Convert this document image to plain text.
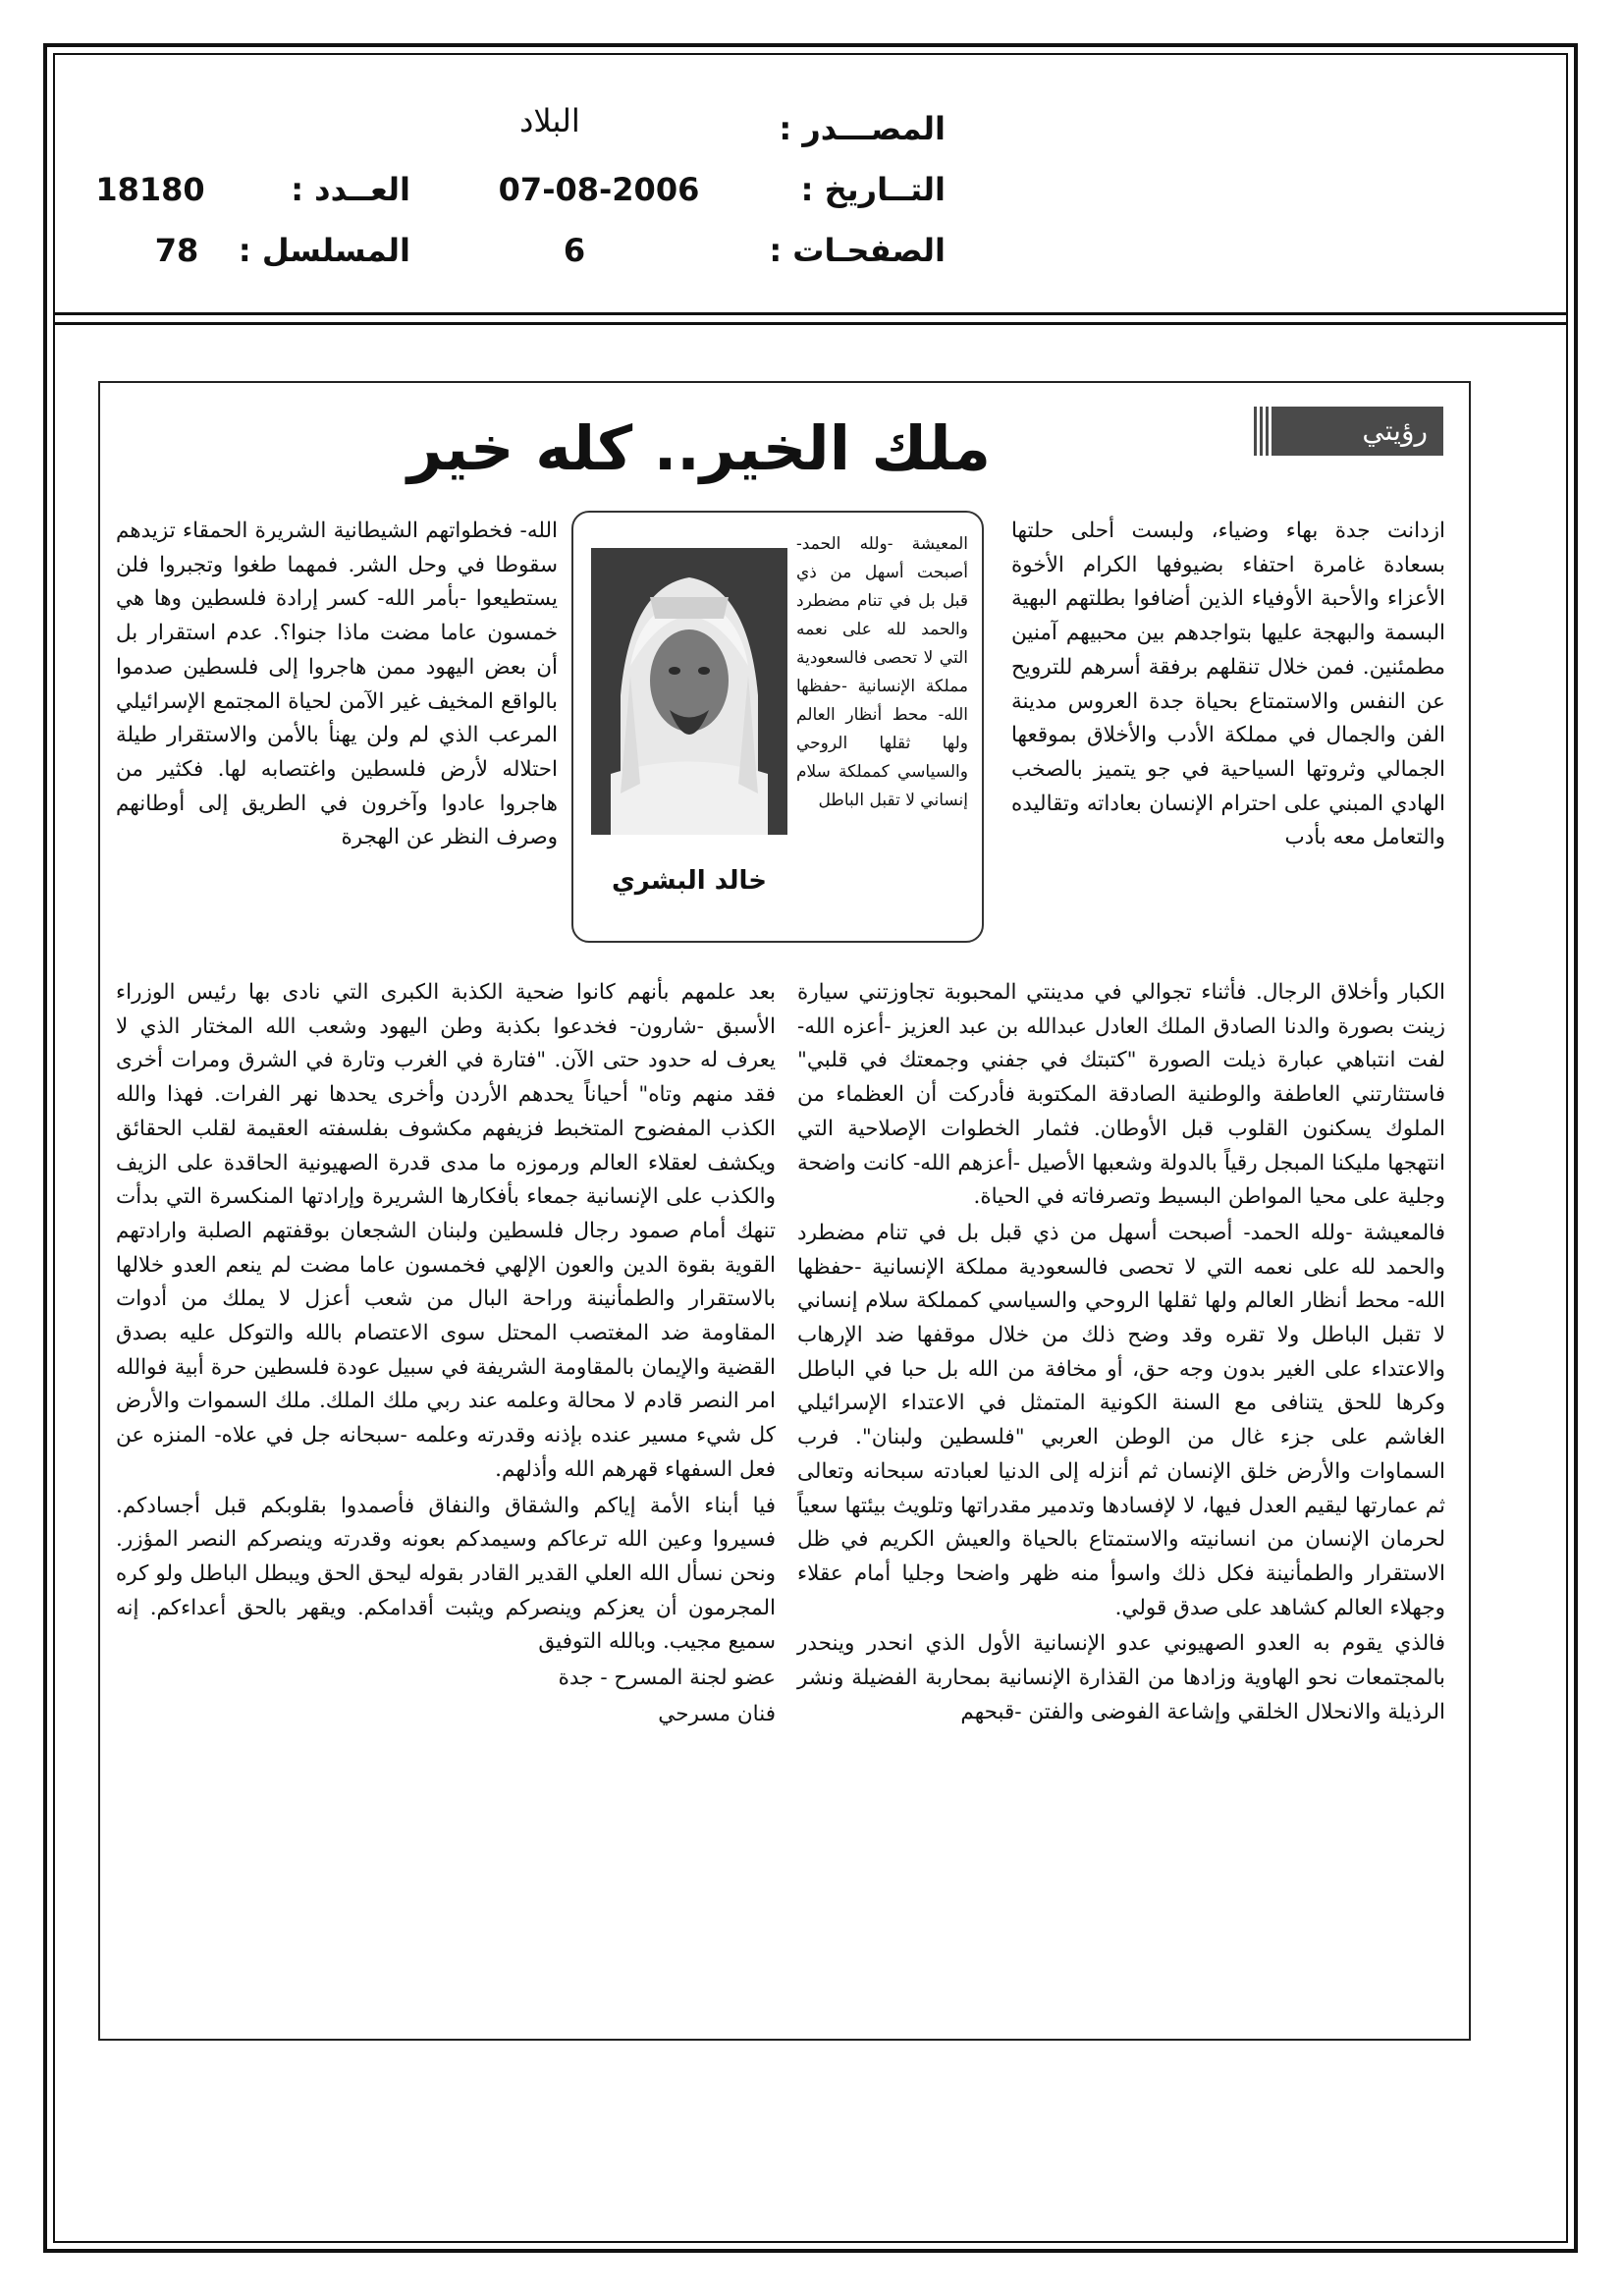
المصـــدر :
البلاد
التــاريخ :
07-08-2006
الصفحـات :
6
العــدد :
18180
المسلسل :
78
رؤيتي
ملك الخير.. كله خير

ازدانت جدة بهاء وضياء، ولبست أحلى حلتها بسعادة غامرة احتفاء بضيوفها الكرام الأخوة الأعزاء والأحبة الأوفياء الذين أضافوا بطلتهم البهية البسمة والبهجة عليها بتواجدهم بين محبيهم آمنين مطمئنين. فمن خلال تنقلهم برفقة أسرهم للترويح عن النفس والاستمتاع بحياة جدة العروس مدينة الفن والجمال في مملكة الأدب والأخلاق بموقعها الجمالي وثروتها السياحية في جو يتميز بالصخب الهادي المبني على احترام الإنسان بعاداته وتقاليده والتعامل معه بأدب

الله- فخطواتهم الشيطانية الشريرة الحمقاء تزيدهم سقوطا في وحل الشر. فمهما طغوا وتجبروا فلن يستطيعوا -بأمر الله- كسر إرادة فلسطين وها هي خمسون عاما مضت ماذا جنوا؟. عدم استقرار بل أن بعض اليهود ممن هاجروا إلى فلسطين صدموا بالواقع المخيف غير الآمن لحياة المجتمع الإسرائيلي المرعب الذي لم ولن يهنأ بالأمن والاستقرار طيلة احتلاله لأرض فلسطين واغتصابه لها. فكثير من هاجروا عادوا وآخرون في الطريق إلى أوطانهم وصرف النظر عن الهجرة

المعيشة -ولله الحمد- أصبحت أسهل من ذي قبل بل في تنام مضطرد والحمد لله على نعمه التي لا تحصى فالسعودية مملكة الإنسانية -حفظها الله- محط أنظار العالم ولها ثقلها الروحي والسياسي كمملكة سلام إنساني لا تقبل الباطل
خالد البشري

الكبار وأخلاق الرجال. فأثناء تجوالي في مدينتي المحبوبة تجاوزتني سيارة زينت بصورة والدنا الصادق الملك العادل عبدالله بن عبد العزيز -أعزه الله- لفت انتباهي عبارة ذيلت الصورة "كتبتك في جفني وجمعتك في قلبي" فاستثارتني العاطفة والوطنية الصادقة المكتوبة فأدركت أن العظماء من الملوك يسكنون القلوب قبل الأوطان. فثمار الخطوات الإصلاحية التي انتهجها مليكنا المبجل رقياً بالدولة وشعبها الأصيل -أعزهم الله- كانت واضحة وجلية على محيا المواطن البسيط وتصرفاته في الحياة.

فالمعيشة -ولله الحمد- أصبحت أسهل من ذي قبل بل في تنام مضطرد والحمد لله على نعمه التي لا تحصى فالسعودية مملكة الإنسانية -حفظها الله- محط أنظار العالم ولها ثقلها الروحي والسياسي كمملكة سلام إنساني لا تقبل الباطل ولا تقره وقد وضح ذلك من خلال موقفها ضد الإرهاب والاعتداء على الغير بدون وجه حق، أو مخافة من الله بل حبا في الباطل وكرها للحق يتنافى مع السنة الكونية المتمثل في الاعتداء الإسرائيلي الغاشم على جزء غال من الوطن العربي "فلسطين ولبنان". فرب السماوات والأرض خلق الإنسان ثم أنزله إلى الدنيا لعبادته سبحانه وتعالى ثم عمارتها ليقيم العدل فيها، لا لإفسادها وتدمير مقدراتها وتلويث بيئتها سعياً لحرمان الإنسان من انسانيته والاستمتاع بالحياة والعيش الكريم في ظل الاستقرار والطمأنينة فكل ذلك واسوأ منه ظهر واضحا وجليا أمام عقلاء وجهلاء العالم كشاهد على صدق قولي.

فالذي يقوم به العدو الصهيوني عدو الإنسانية الأول الذي انحدر وينحدر بالمجتمعات نحو الهاوية وزادها من القذارة الإنسانية بمحاربة الفضيلة ونشر الرذيلة والانحلال الخلقي وإشاعة الفوضى والفتن -قبحهم

بعد علمهم بأنهم كانوا ضحية الكذبة الكبرى التي نادى بها رئيس الوزراء الأسبق -شارون- فخدعوا بكذبة وطن اليهود وشعب الله المختار الذي لا يعرف له حدود حتى الآن. "فتارة في الغرب وتارة في الشرق ومرات أخرى فقد منهم وتاه" أحياناً يحدهم الأردن وأخرى يحدها نهر الفرات. فهذا والله الكذب المفضوح المتخبط فزيفهم مكشوف بفلسفته العقيمة لقلب الحقائق ويكشف لعقلاء العالم ورموزه ما مدى قدرة الصهيونية الحاقدة على الزيف والكذب على الإنسانية جمعاء بأفكارها الشريرة وإرادتها المنكسرة التي بدأت تنهك أمام صمود رجال فلسطين ولبنان الشجعان بوقفتهم الصلبة وارادتهم القوية بقوة الدين والعون الإلهي فخمسون عاما مضت لم ينعم العدو خلالها بالاستقرار والطمأنينة وراحة البال من شعب أعزل لا يملك من أدوات المقاومة ضد المغتصب المحتل سوى الاعتصام بالله والتوكل عليه بصدق القضية والإيمان بالمقاومة الشريفة في سبيل عودة فلسطين حرة أبية فوالله امر النصر قادم لا محالة وعلمه عند ربي ملك الملك. ملك السموات والأرض كل شيء مسير عنده بإذنه وقدرته وعلمه -سبحانه جل في علاه- المنزه عن فعل السفهاء قهرهم الله وأذلهم.

فيا أبناء الأمة إياكم والشقاق والنفاق فأصمدوا بقلوبكم قبل أجسادكم. فسيروا وعين الله ترعاكم وسيمدكم بعونه وقدرته وينصركم النصر المؤزر. ونحن نسأل الله العلي القدير القادر بقوله ليحق الحق ويبطل الباطل ولو كره المجرمون أن يعزكم وينصركم ويثبت أقدامكم. ويقهر بالحق أعداءكم. إنه سميع مجيب. وبالله التوفيق

عضو لجنة المسرح - جدة

فنان مسرحي
